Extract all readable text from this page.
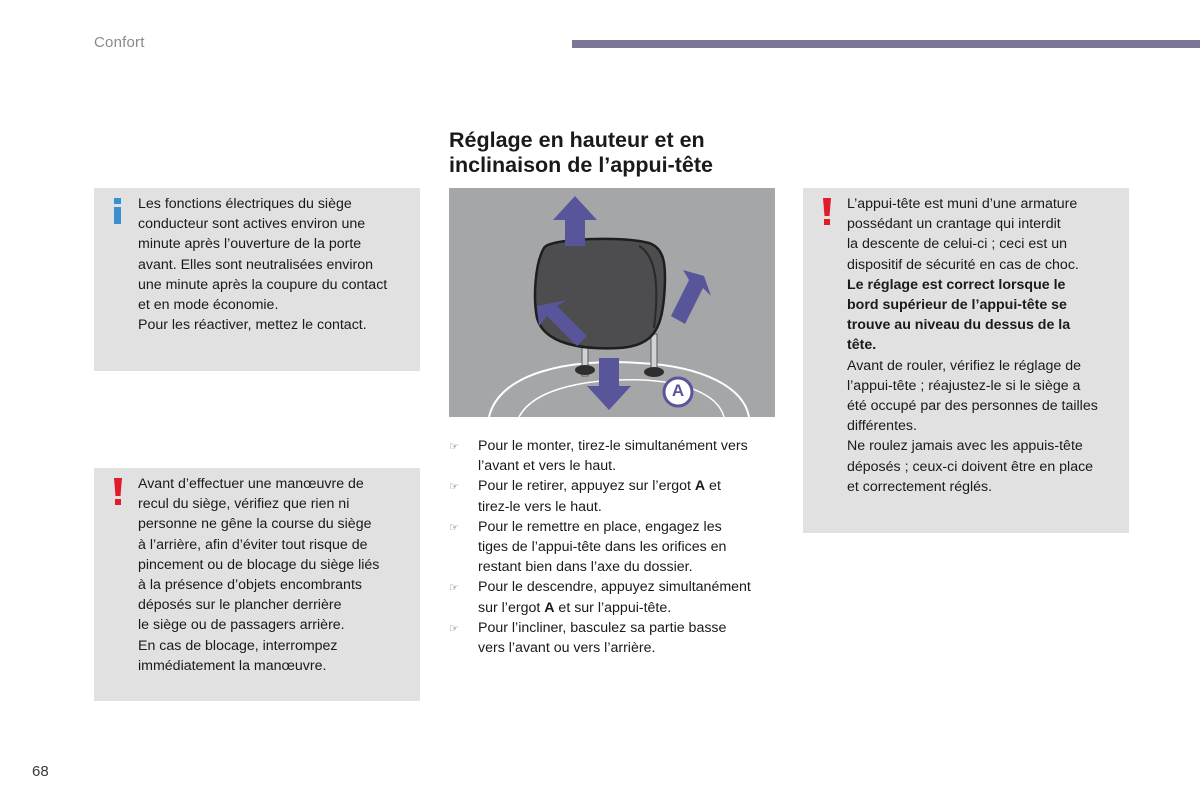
Confort
Réglage en hauteur et en inclinaison de l’appui-tête

Les fonctions électriques du siège

conducteur sont actives environ une

minute après l’ouverture de la porte

avant. Elles sont neutralisées environ

une minute après la coupure du contact

et en mode économie.

Pour les réactiver, mettez le contact.

Avant d’effectuer une manœuvre de

recul du siège, vérifiez que rien ni

personne ne gêne la course du siège

à l’arrière, afin d’éviter tout risque de

pincement ou de blocage du siège liés

à la présence d’objets encombrants

déposés sur le plancher derrière

le siège ou de passagers arrière.

En cas de blocage, interrompez

immédiatement la manœuvre.

A
☞ Pour le monter, tirez-le simultanément vers
l’avant et vers le haut.
☞ Pour le retirer, appuyez sur l’ergot A et
tirez-le vers le haut.
☞ Pour le remettre en place, engagez les
tiges de l’appui-tête dans les orifices en
restant bien dans l’axe du dossier.
☞ Pour le descendre, appuyez simultanément
sur l’ergot A et sur l’appui-tête.
☞ Pour l’incliner, basculez sa partie basse
vers l’avant ou vers l’arrière.

L’appui-tête est muni d’une armature

possédant un crantage qui interdit

la descente de celui-ci ; ceci est un

dispositif de sécurité en cas de choc.

Le réglage est correct lorsque le

bord supérieur de l’appui-tête se

trouve au niveau du dessus de la

tête.

Avant de rouler, vérifiez le réglage de

l’appui-tête ; réajustez-le si le siège a

été occupé par des personnes de tailles

différentes.

Ne roulez jamais avec les appuis-tête

déposés ; ceux-ci doivent être en place

et correctement réglés.

68
